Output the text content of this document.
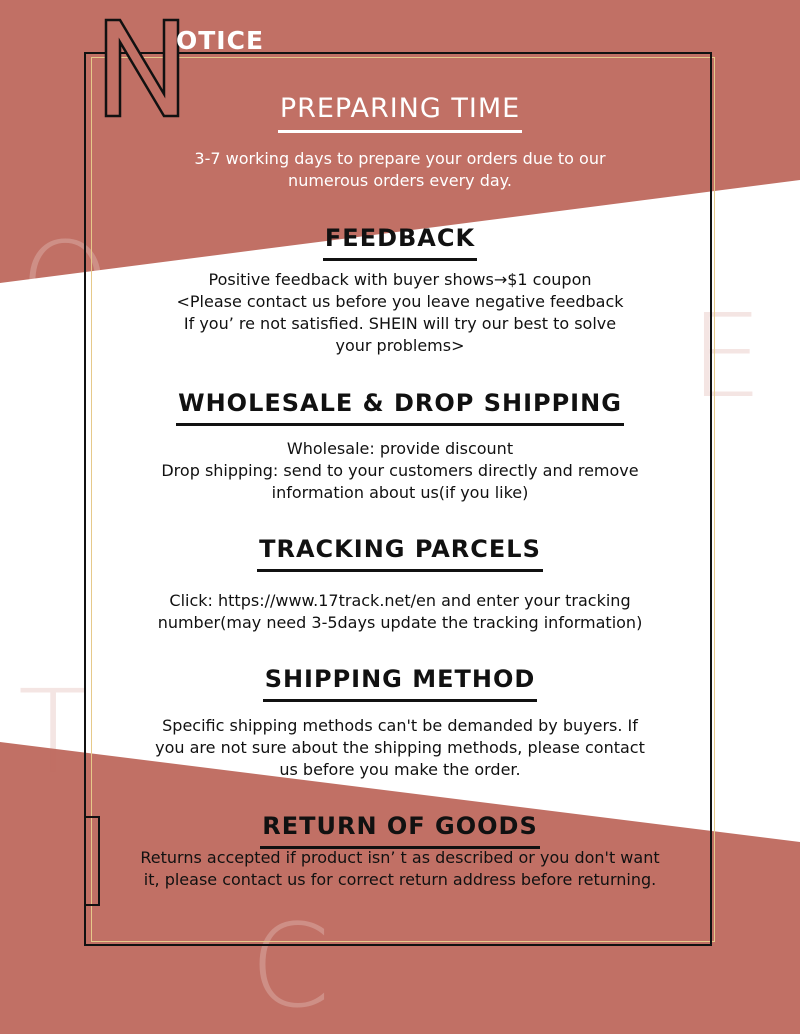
O
E
T
C
OTICE
PREPARING TIME
3-7 working days to prepare your orders due to our
numerous orders every day.
FEEDBACK
Positive feedback with buyer shows→$1 coupon
<Please contact us before you leave negative feedback
If you’ re not satisfied. SHEIN will try our best to solve
your problems>
WHOLESALE & DROP SHIPPING
Wholesale: provide discount
Drop shipping: send to your customers directly and remove
information about us(if you like)
TRACKING PARCELS
Click: https://www.17track.net/en and enter your tracking
number(may need 3-5days update the tracking information)
SHIPPING METHOD
Specific shipping methods can't be demanded by buyers. If
you are not sure about the shipping methods, please contact
us before you make the order.
RETURN OF GOODS
Returns accepted if product isn’ t as described or you don't want
it, please contact us for correct return address before returning.
